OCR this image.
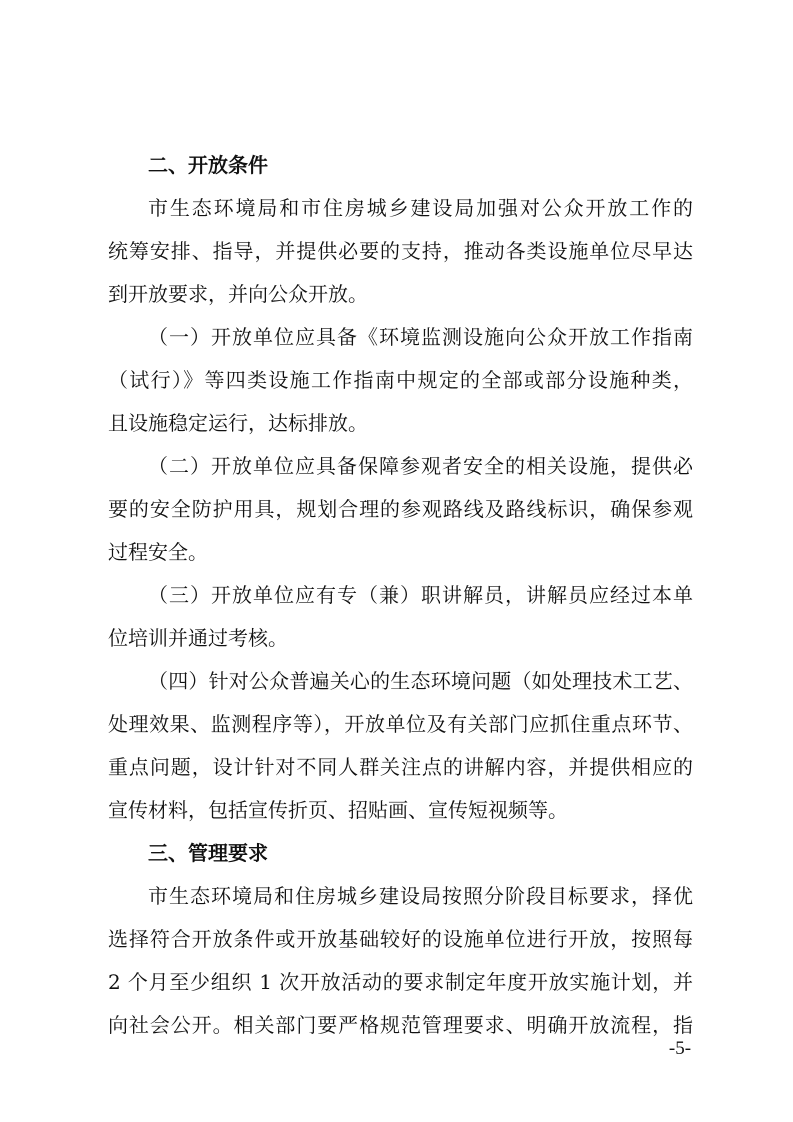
二、开放条件
市生态环境局和市住房城乡建设局加强对公众开放工作的
统筹安排、指导，并提供必要的支持，推动各类设施单位尽早达
到开放要求，并向公众开放。
（一）开放单位应具备《环境监测设施向公众开放工作指南
（试行）》等四类设施工作指南中规定的全部或部分设施种类，
且设施稳定运行，达标排放。
（二）开放单位应具备保障参观者安全的相关设施，提供必
要的安全防护用具，规划合理的参观路线及路线标识，确保参观
过程安全。
（三）开放单位应有专（兼）职讲解员，讲解员应经过本单
位培训并通过考核。
（四）针对公众普遍关心的生态环境问题（如处理技术工艺、
处理效果、监测程序等），开放单位及有关部门应抓住重点环节、
重点问题，设计针对不同人群关注点的讲解内容，并提供相应的
宣传材料，包括宣传折页、招贴画、宣传短视频等。
三、管理要求
市生态环境局和住房城乡建设局按照分阶段目标要求，择优
选择符合开放条件或开放基础较好的设施单位进行开放，按照每
2 个月至少组织 1 次开放活动的要求制定年度开放实施计划，并
向社会公开。相关部门要严格规范管理要求、明确开放流程，指
-5-
